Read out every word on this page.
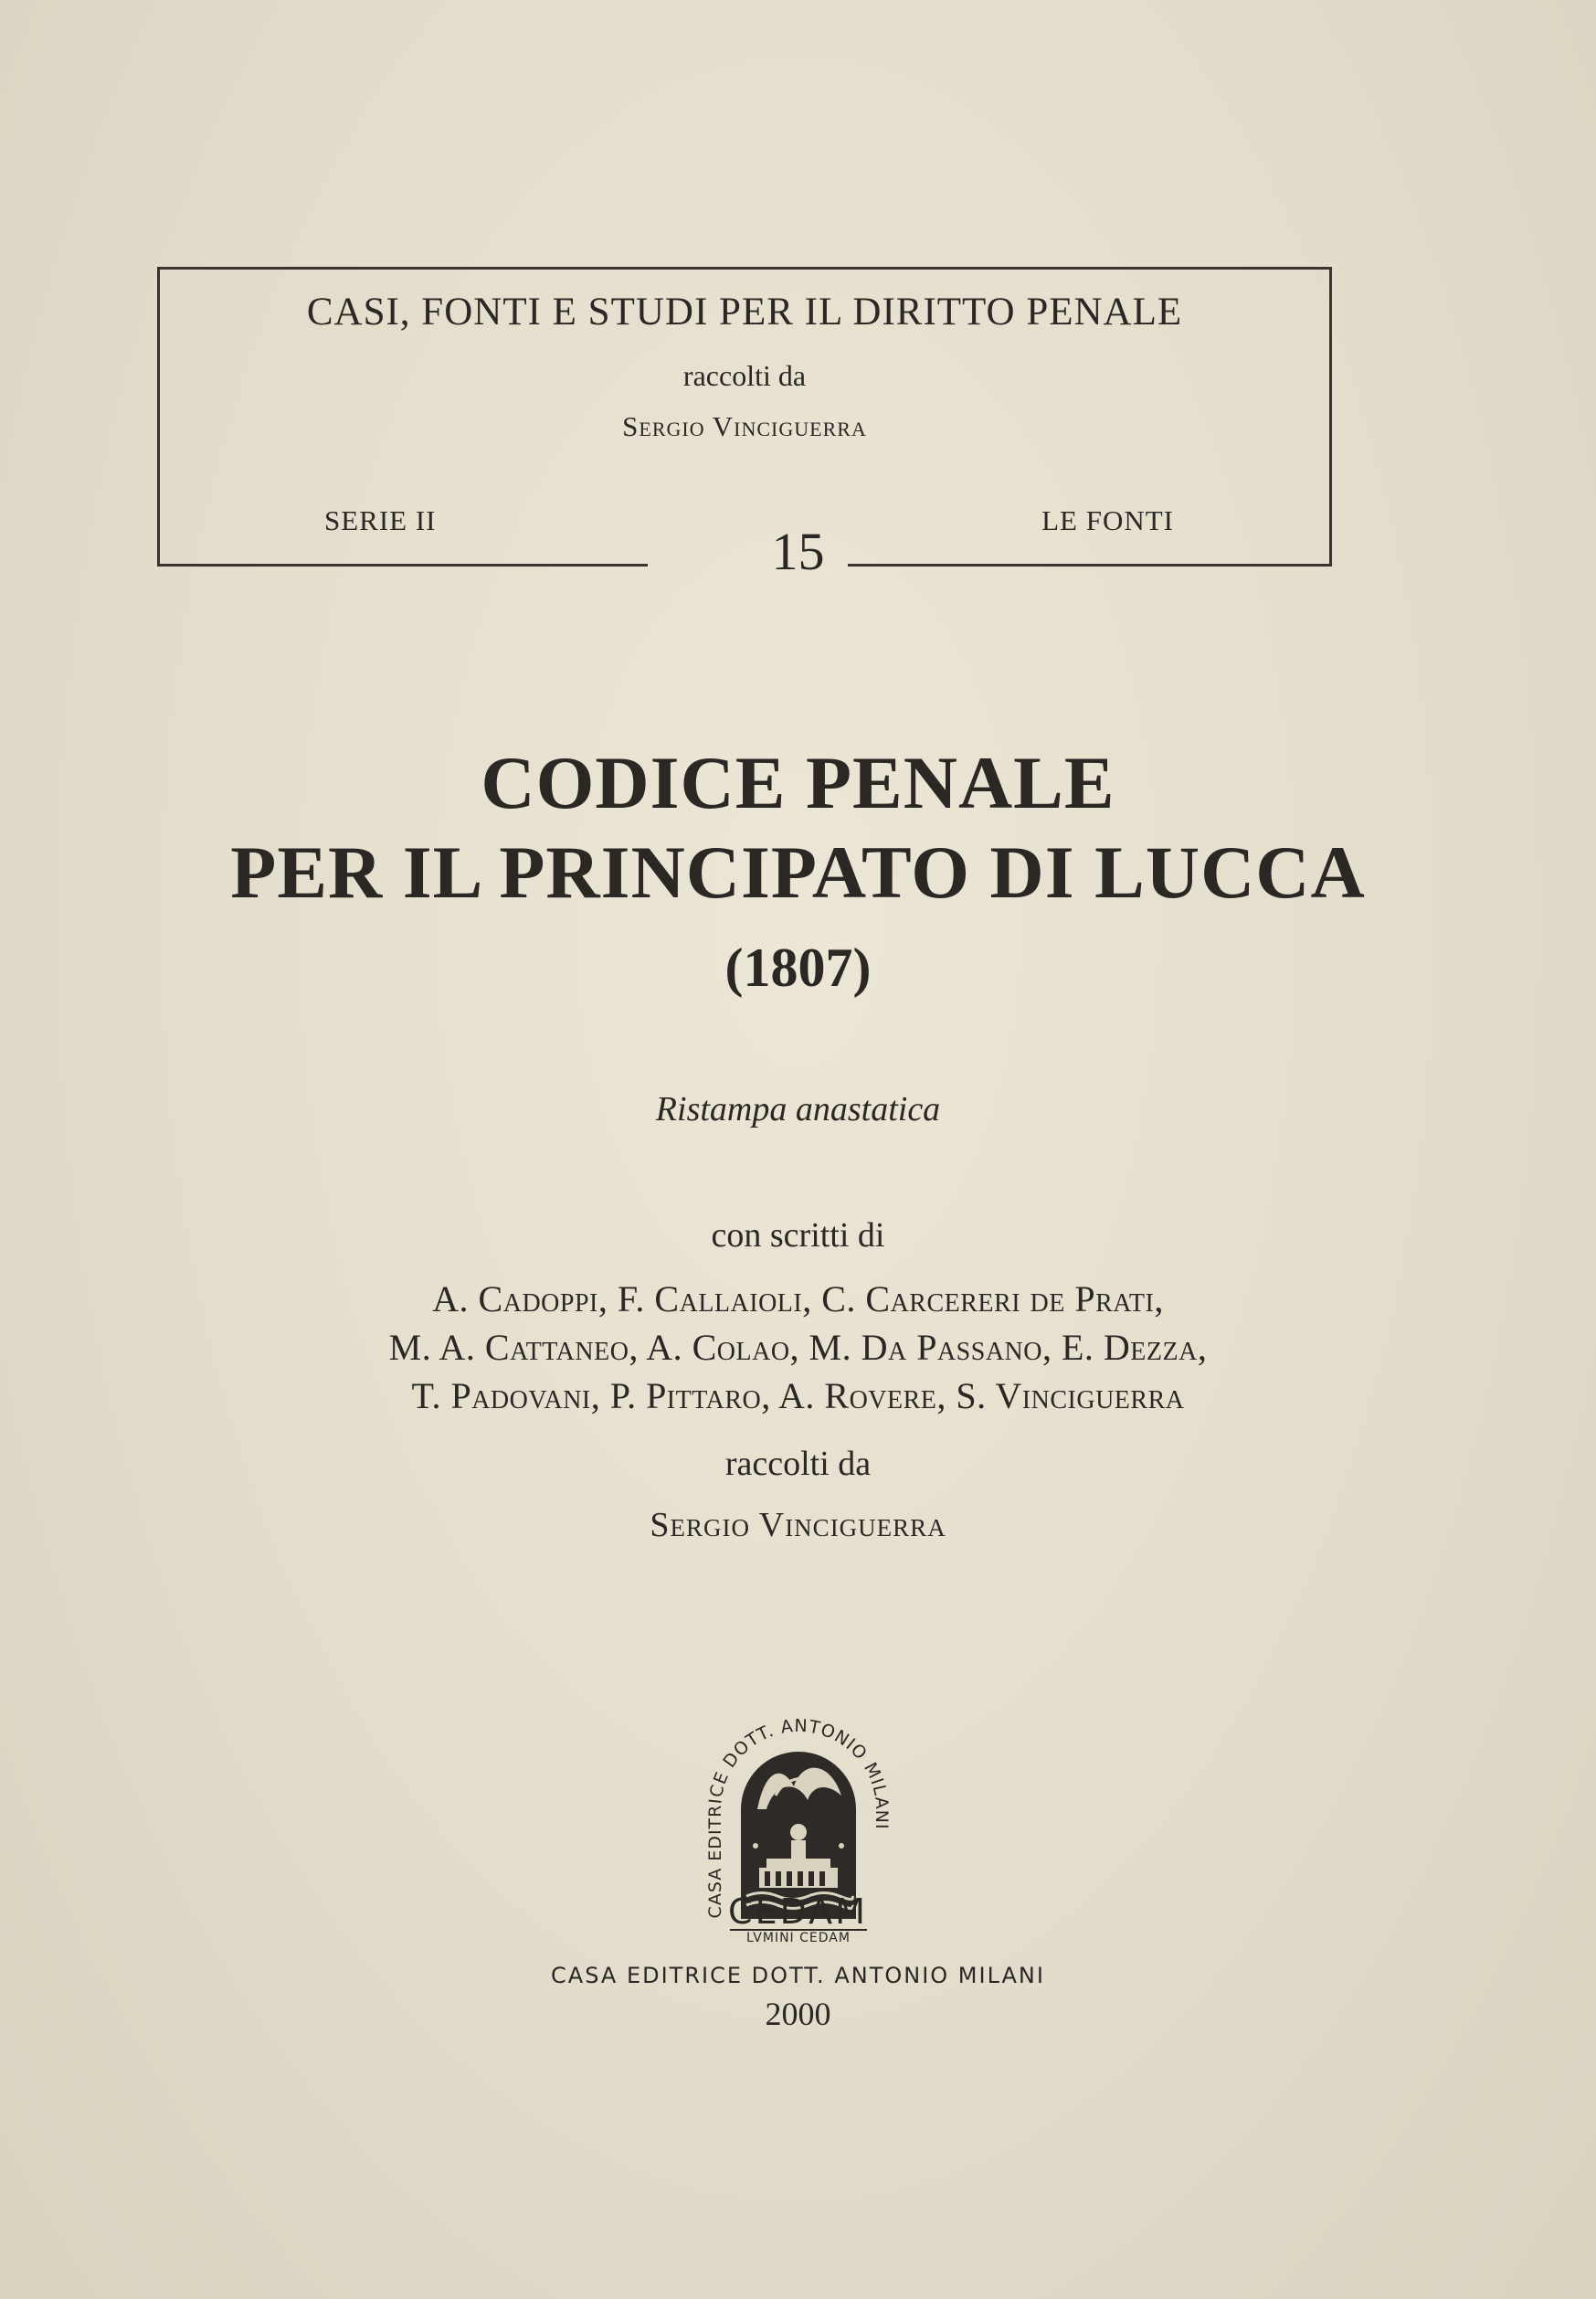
CASI, FONTI E STUDI PER IL DIRITTO PENALE
raccolti da
Sergio Vinciguerra
SERIE II	LE FONTI
15
CODICE PENALE
PER IL PRINCIPATO DI LUCCA
(1807)
Ristampa anastatica
con scritti di
A. Cadoppi, F. Callaioli, C. Carcereri de Prati,
M. A. Cattaneo, A. Colao, M. Da Passano, E. Dezza,
T. Padovani, P. Pittaro, A. Rovere, S. Vinciguerra
raccolti da
Sergio Vinciguerra
CASA EDITRICE DOTT. ANTONIO MILANI
LVMINI CEDAM
CEDAM
CASA EDITRICE DOTT. ANTONIO MILANI
2000
